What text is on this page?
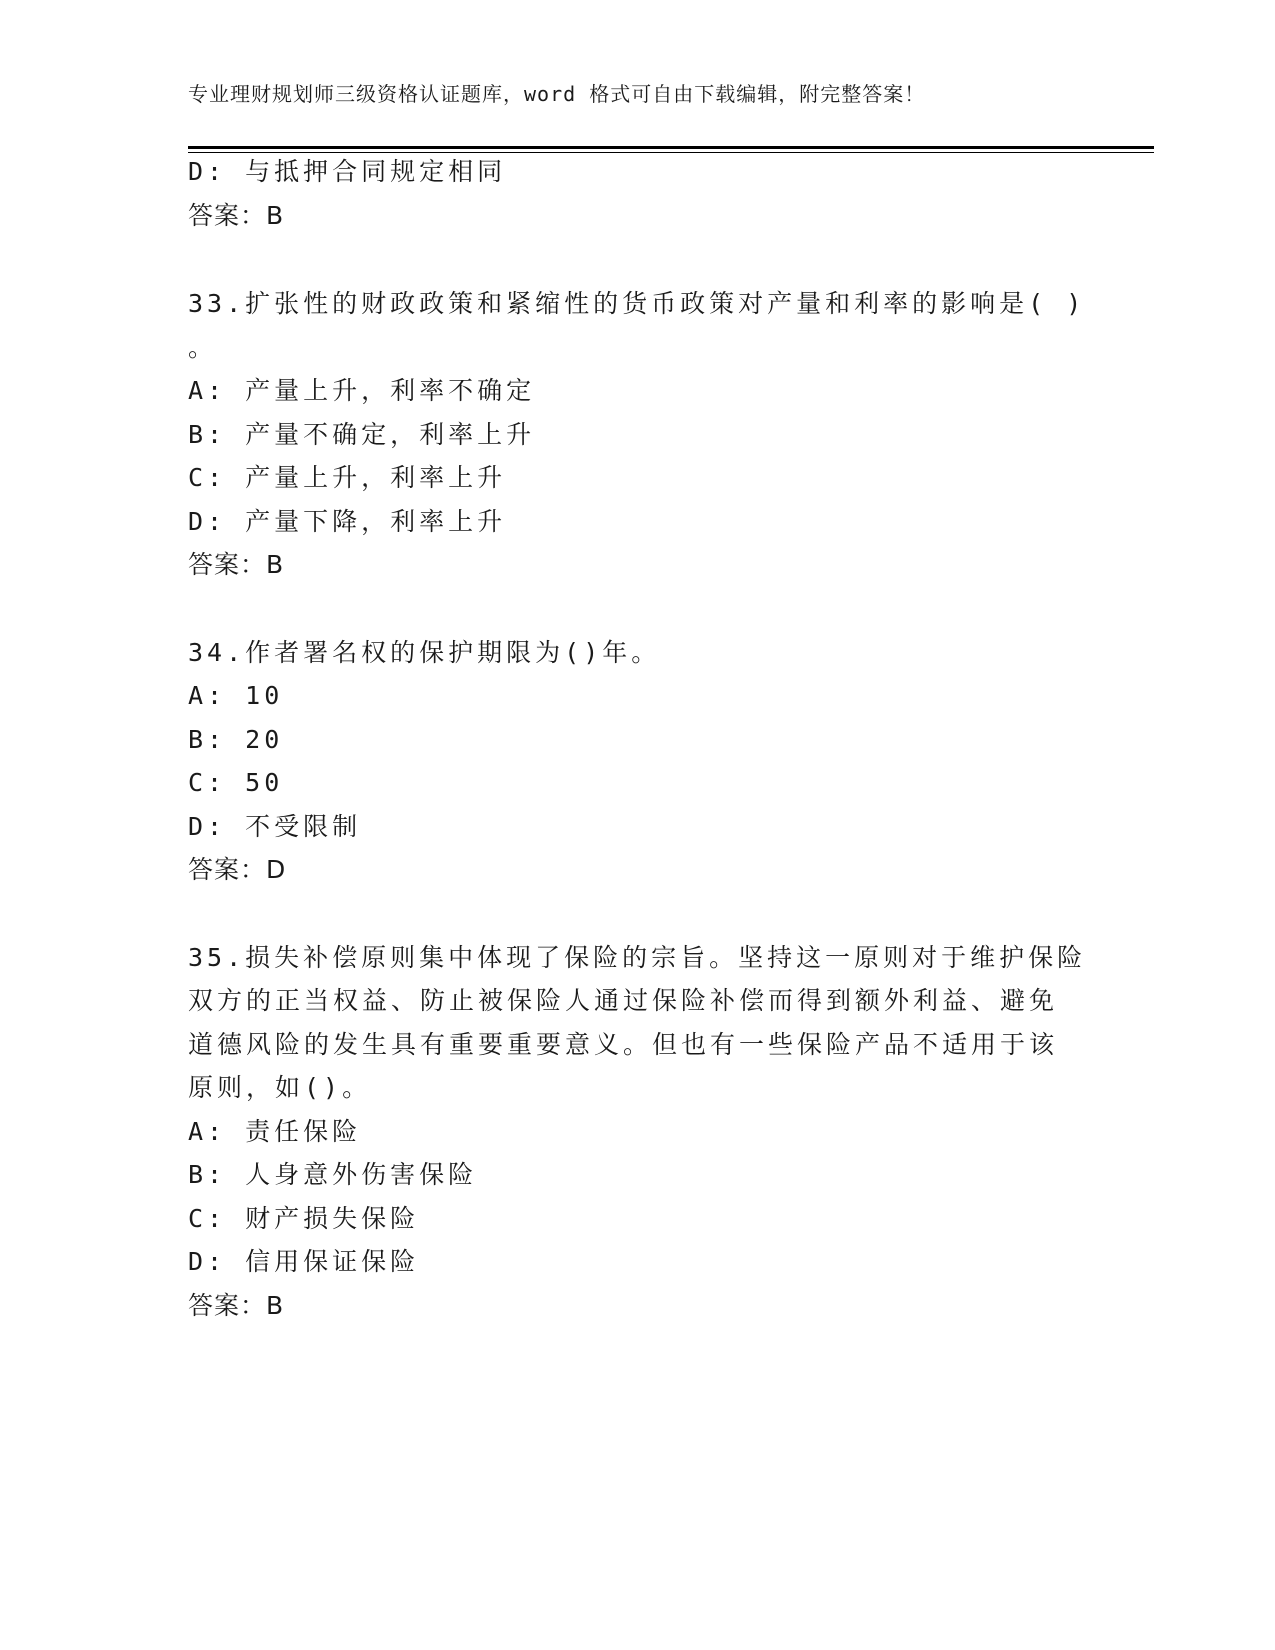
专业理财规划师三级资格认证题库，word 格式可自由下载编辑，附完整答案！
D: 与抵押合同规定相同
答案：B
33.扩张性的财政政策和紧缩性的货币政策对产量和利率的影响是( )
。
A: 产量上升，利率不确定
B: 产量不确定，利率上升
C: 产量上升，利率上升
D: 产量下降，利率上升
答案：B
34.作者署名权的保护期限为()年。
A: 10
B: 20
C: 50
D: 不受限制
答案：D
35.损失补偿原则集中体现了保险的宗旨。坚持这一原则对于维护保险
双方的正当权益、防止被保险人通过保险补偿而得到额外利益、避免
道德风险的发生具有重要重要意义。但也有一些保险产品不适用于该
原则，如()。
A: 责任保险
B: 人身意外伤害保险
C: 财产损失保险
D: 信用保证保险
答案：B
